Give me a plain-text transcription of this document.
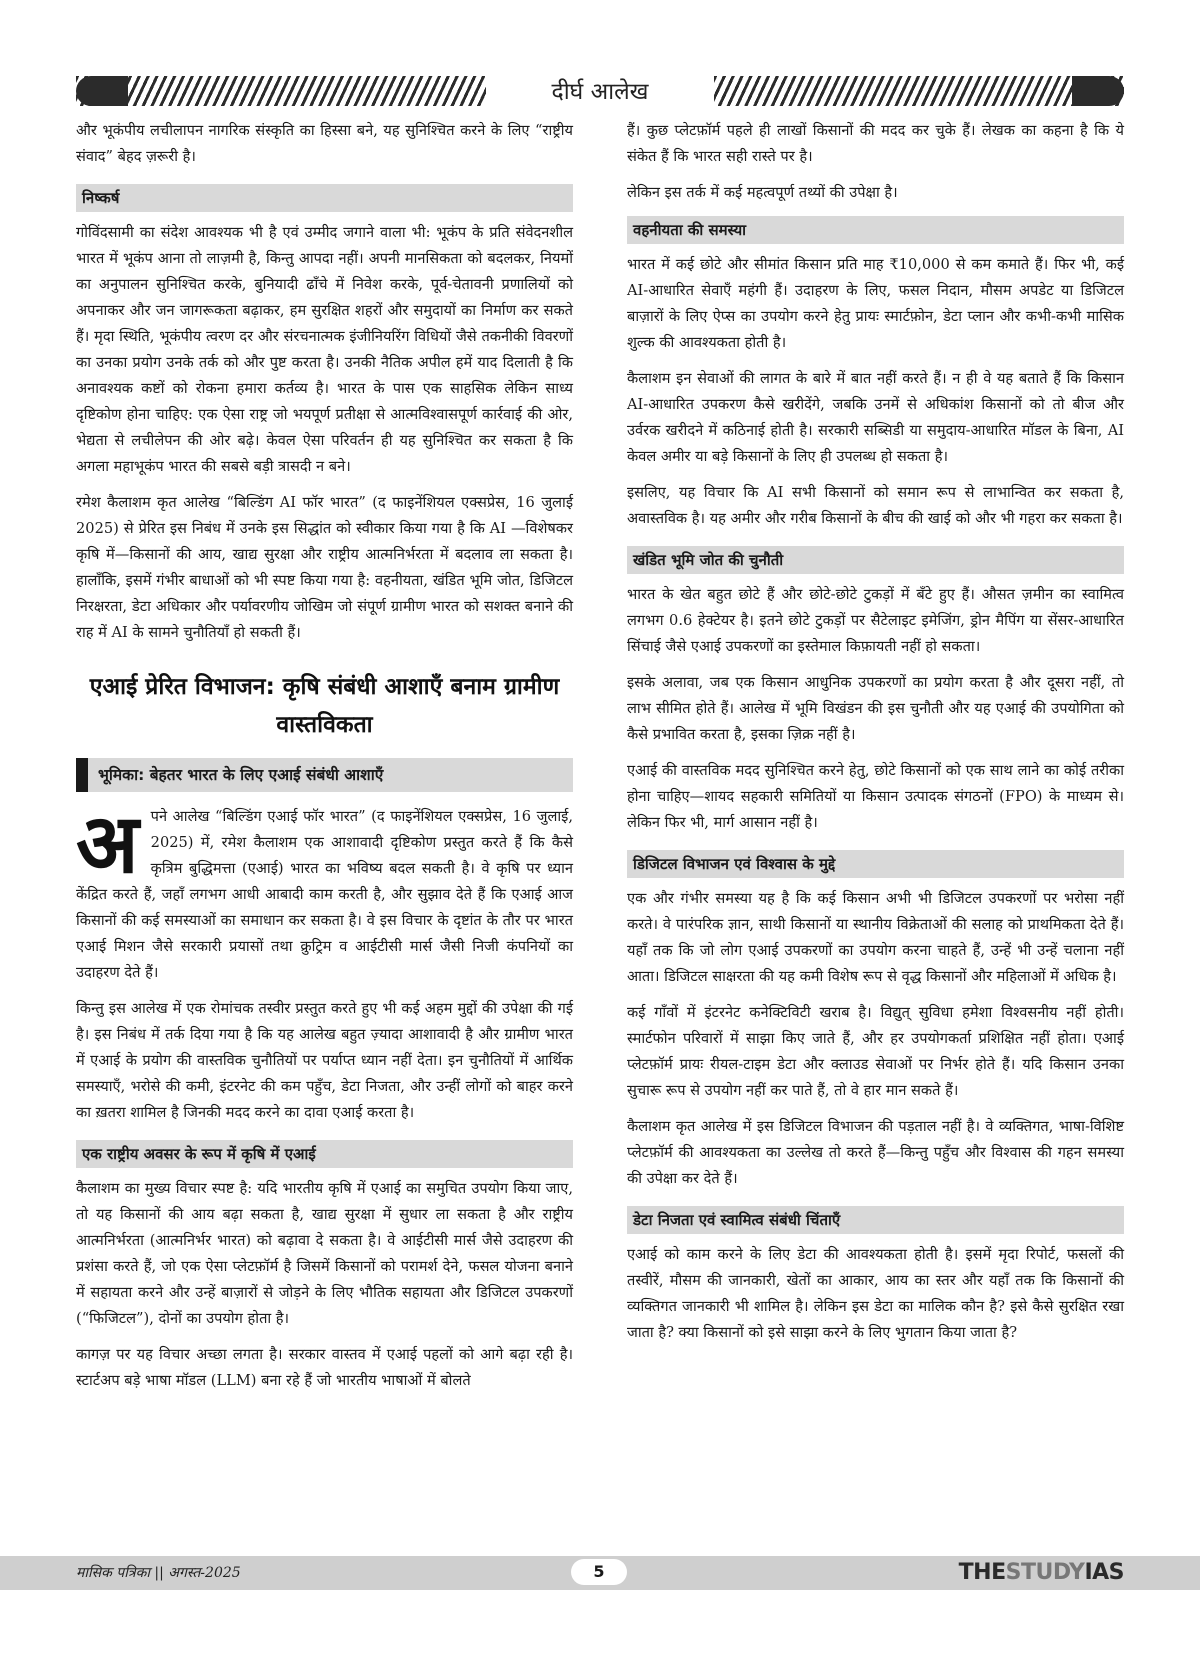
दीर्घ आलेख

और भूकंपीय लचीलापन नागरिक संस्कृति का हिस्सा बने, यह सुनिश्चित करने के लिए “राष्ट्रीय संवाद” बेहद ज़रूरी है।

निष्कर्ष

गोविंदसामी का संदेश आवश्यक भी है एवं उम्मीद जगाने वाला भी: भूकंप के प्रति संवेदनशील भारत में भूकंप आना तो लाज़मी है, किन्तु आपदा नहीं। अपनी मानसिकता को बदलकर, नियमों का अनुपालन सुनिश्चित करके, बुनियादी ढाँचे में निवेश करके, पूर्व-चेतावनी प्रणालियों को अपनाकर और जन जागरूकता बढ़ाकर, हम सुरक्षित शहरों और समुदायों का निर्माण कर सकते हैं। मृदा स्थिति, भूकंपीय त्वरण दर और संरचनात्मक इंजीनियरिंग विधियों जैसे तकनीकी विवरणों का उनका प्रयोग उनके तर्क को और पुष्ट करता है। उनकी नैतिक अपील हमें याद दिलाती है कि अनावश्यक कष्टों को रोकना हमारा कर्तव्य है। भारत के पास एक साहसिक लेकिन साध्य दृष्टिकोण होना चाहिए: एक ऐसा राष्ट्र जो भयपूर्ण प्रतीक्षा से आत्मविश्वासपूर्ण कार्रवाई की ओर, भेद्यता से लचीलेपन की ओर बढ़े। केवल ऐसा परिवर्तन ही यह सुनिश्चित कर सकता है कि अगला महाभूकंप भारत की सबसे बड़ी त्रासदी न बने।

रमेश कैलाशम कृत आलेख “बिल्डिंग AI फॉर भारत” (द फाइनेंशियल एक्सप्रेस, 16 जुलाई 2025) से प्रेरित इस निबंध में उनके इस सिद्धांत को स्वीकार किया गया है कि AI —विशेषकर कृषि में—किसानों की आय, खाद्य सुरक्षा और राष्ट्रीय आत्मनिर्भरता में बदलाव ला सकता है। हालाँकि, इसमें गंभीर बाधाओं को भी स्पष्ट किया गया है: वहनीयता, खंडित भूमि जोत, डिजिटल निरक्षरता, डेटा अधिकार और पर्यावरणीय जोखिम जो संपूर्ण ग्रामीण भारत को सशक्त बनाने की राह में AI के सामने चुनौतियाँ हो सकती हैं।

एआई प्रेरित विभाजन: कृषि संबंधी आशाएँ बनाम ग्रामीण वास्तविकता
भूमिका: बेहतर भारत के लिए एआई संबंधी आशाएँ

अपने आलेख “बिल्डिंग एआई फॉर भारत” (द फाइनेंशियल एक्सप्रेस, 16 जुलाई, 2025) में, रमेश कैलाशम एक आशावादी दृष्टिकोण प्रस्तुत करते हैं कि कैसे कृत्रिम बुद्धिमत्ता (एआई) भारत का भविष्य बदल सकती है। वे कृषि पर ध्यान केंद्रित करते हैं, जहाँ लगभग आधी आबादी काम करती है, और सुझाव देते हैं कि एआई आज किसानों की कई समस्याओं का समाधान कर सकता है। वे इस विचार के दृष्टांत के तौर पर भारत एआई मिशन जैसे सरकारी प्रयासों तथा क्रुट्रिम व आईटीसी मार्स जैसी निजी कंपनियों का उदाहरण देते हैं।

किन्तु इस आलेख में एक रोमांचक तस्वीर प्रस्तुत करते हुए भी कई अहम मुद्दों की उपेक्षा की गई है। इस निबंध में तर्क दिया गया है कि यह आलेख बहुत ज़्यादा आशावादी है और ग्रामीण भारत में एआई के प्रयोग की वास्तविक चुनौतियों पर पर्याप्त ध्यान नहीं देता। इन चुनौतियों में आर्थिक समस्याएँ, भरोसे की कमी, इंटरनेट की कम पहुँच, डेटा निजता, और उन्हीं लोगों को बाहर करने का ख़तरा शामिल है जिनकी मदद करने का दावा एआई करता है।

एक राष्ट्रीय अवसर के रूप में कृषि में एआई

कैलाशम का मुख्य विचार स्पष्ट है: यदि भारतीय कृषि में एआई का समुचित उपयोग किया जाए, तो यह किसानों की आय बढ़ा सकता है, खाद्य सुरक्षा में सुधार ला सकता है और राष्ट्रीय आत्मनिर्भरता (आत्मनिर्भर भारत) को बढ़ावा दे सकता है। वे आईटीसी मार्स जैसे उदाहरण की प्रशंसा करते हैं, जो एक ऐसा प्लेटफ़ॉर्म है जिसमें किसानों को परामर्श देने, फसल योजना बनाने में सहायता करने और उन्हें बाज़ारों से जोड़ने के लिए भौतिक सहायता और डिजिटल उपकरणों (“फिजिटल”), दोनों का उपयोग होता है।

कागज़ पर यह विचार अच्छा लगता है। सरकार वास्तव में एआई पहलों को आगे बढ़ा रही है। स्टार्टअप बड़े भाषा मॉडल (LLM) बना रहे हैं जो भारतीय भाषाओं में बोलते

हैं। कुछ प्लेटफ़ॉर्म पहले ही लाखों किसानों की मदद कर चुके हैं। लेखक का कहना है कि ये संकेत हैं कि भारत सही रास्ते पर है।

लेकिन इस तर्क में कई महत्वपूर्ण तथ्यों की उपेक्षा है।

वहनीयता की समस्या

भारत में कई छोटे और सीमांत किसान प्रति माह ₹10,000 से कम कमाते हैं। फिर भी, कई AI-आधारित सेवाएँ महंगी हैं। उदाहरण के लिए, फसल निदान, मौसम अपडेट या डिजिटल बाज़ारों के लिए ऐप्स का उपयोग करने हेतु प्रायः स्मार्टफ़ोन, डेटा प्लान और कभी-कभी मासिक शुल्क की आवश्यकता होती है।

कैलाशम इन सेवाओं की लागत के बारे में बात नहीं करते हैं। न ही वे यह बताते हैं कि किसान AI-आधारित उपकरण कैसे खरीदेंगे, जबकि उनमें से अधिकांश किसानों को तो बीज और उर्वरक खरीदने में कठिनाई होती है। सरकारी सब्सिडी या समुदाय-आधारित मॉडल के बिना, AI केवल अमीर या बड़े किसानों के लिए ही उपलब्ध हो सकता है।

इसलिए, यह विचार कि AI सभी किसानों को समान रूप से लाभान्वित कर सकता है, अवास्तविक है। यह अमीर और गरीब किसानों के बीच की खाई को और भी गहरा कर सकता है।

खंडित भूमि जोत की चुनौती

भारत के खेत बहुत छोटे हैं और छोटे-छोटे टुकड़ों में बँटे हुए हैं। औसत ज़मीन का स्वामित्व लगभग 0.6 हेक्टेयर है। इतने छोटे टुकड़ों पर सैटेलाइट इमेजिंग, ड्रोन मैपिंग या सेंसर-आधारित सिंचाई जैसे एआई उपकरणों का इस्तेमाल किफ़ायती नहीं हो सकता।

इसके अलावा, जब एक किसान आधुनिक उपकरणों का प्रयोग करता है और दूसरा नहीं, तो लाभ सीमित होते हैं। आलेख में भूमि विखंडन की इस चुनौती और यह एआई की उपयोगिता को कैसे प्रभावित करता है, इसका ज़िक्र नहीं है।

एआई की वास्तविक मदद सुनिश्चित करने हेतु, छोटे किसानों को एक साथ लाने का कोई तरीका होना चाहिए—शायद सहकारी समितियों या किसान उत्पादक संगठनों (FPO) के माध्यम से। लेकिन फिर भी, मार्ग आसान नहीं है।

डिजिटल विभाजन एवं विश्वास के मुद्दे

एक और गंभीर समस्या यह है कि कई किसान अभी भी डिजिटल उपकरणों पर भरोसा नहीं करते। वे पारंपरिक ज्ञान, साथी किसानों या स्थानीय विक्रेताओं की सलाह को प्राथमिकता देते हैं। यहाँ तक कि जो लोग एआई उपकरणों का उपयोग करना चाहते हैं, उन्हें भी उन्हें चलाना नहीं आता। डिजिटल साक्षरता की यह कमी विशेष रूप से वृद्ध किसानों और महिलाओं में अधिक है।

कई गाँवों में इंटरनेट कनेक्टिविटी खराब है। विद्युत् सुविधा हमेशा विश्वसनीय नहीं होती। स्मार्टफोन परिवारों में साझा किए जाते हैं, और हर उपयोगकर्ता प्रशिक्षित नहीं होता। एआई प्लेटफ़ॉर्म प्रायः रीयल-टाइम डेटा और क्लाउड सेवाओं पर निर्भर होते हैं। यदि किसान उनका सुचारू रूप से उपयोग नहीं कर पाते हैं, तो वे हार मान सकते हैं।

कैलाशम कृत आलेख में इस डिजिटल विभाजन की पड़ताल नहीं है। वे व्यक्तिगत, भाषा-विशिष्ट प्लेटफ़ॉर्म की आवश्यकता का उल्लेख तो करते हैं—किन्तु पहुँच और विश्वास की गहन समस्या की उपेक्षा कर देते हैं।

डेटा निजता एवं स्वामित्व संबंधी चिंताएँ

एआई को काम करने के लिए डेटा की आवश्यकता होती है। इसमें मृदा रिपोर्ट, फसलों की तस्वीरें, मौसम की जानकारी, खेतों का आकार, आय का स्तर और यहाँ तक कि किसानों की व्यक्तिगत जानकारी भी शामिल है। लेकिन इस डेटा का मालिक कौन है? इसे कैसे सुरक्षित रखा जाता है? क्या किसानों को इसे साझा करने के लिए भुगतान किया जाता है?

मासिक पत्रिका || अगस्त-2025	5	THESTUDYIAS
